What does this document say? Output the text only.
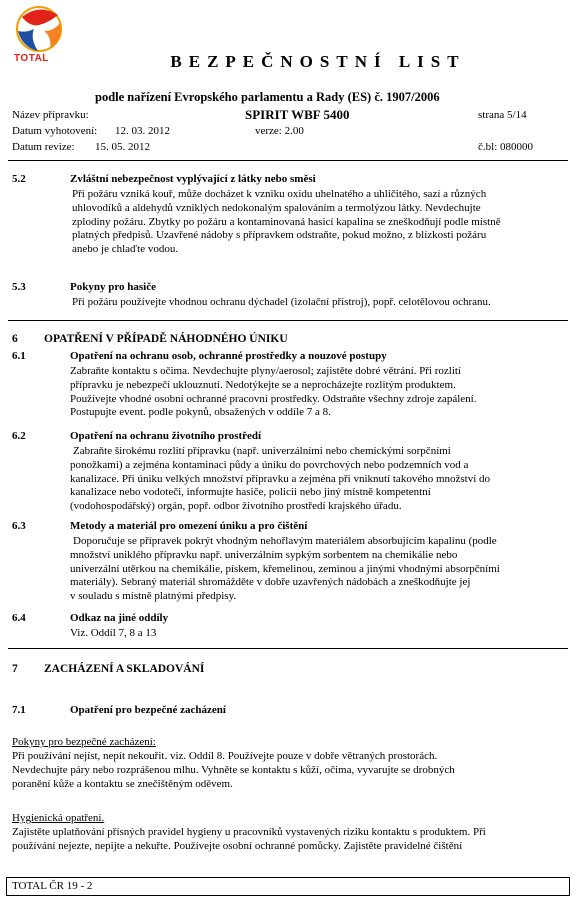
TOTAL	BEZPEČNOSTNÍ LIST
podle nařízení Evropského parlamentu a Rady (ES) č. 1907/2006
Název přípravku:	SPIRIT WBF 5400	strana 5/14
Datum vyhotovení: 12. 03. 2012	verze: 2.00
Datum revize: 15. 05. 2012	č.bl: 080000
5.2	Zvláštní nebezpečnost vyplývající z látky nebo směsi
Při požáru vzniká kouř, může docházet k vzniku oxidu uhelnatého a uhličitého, sazí a různých
uhlovodíků a aldehydů vzniklých nedokonalým spalováním a termolýzou látky. Nevdechujte
zplodiny požáru. Zbytky po požáru a kontaminovaná hasicí kapalina se zneškodňují podle místně
platných předpisů. Uzavřené nádoby s přípravkem odstraňte, pokud možno, z blízkosti požáru
anebo je chlaďte vodou.
5.3	Pokyny pro hasiče
Při požáru používejte vhodnou ochranu dýchadel (izolační přístroj), popř. celotělovou ochranu.
6 OPATŘENÍ V PŘÍPADĚ NÁHODNÉHO ÚNIKU
6.1	Opatření na ochranu osob, ochranné prostředky a nouzové postupy
Zabraňte kontaktu s očima. Nevdechujte plyny/aerosol; zajistěte dobré větrání. Při rozlití
přípravku je nebezpečí uklouznutí. Nedotýkejte se a neprocházejte rozlitým produktem.
Používejte vhodné osobní ochranné pracovní prostředky. Odstraňte všechny zdroje zapálení.
Postupujte event. podle pokynů, obsažených v oddíle 7 a 8.
6.2	Opatření na ochranu životního prostředí
Zabraňte širokému rozlití přípravku (např. univerzálními nebo chemickými sorpčními
ponožkami) a zejména kontaminaci půdy a úniku do povrchových nebo podzemních vod a
kanalizace. Při úniku velkých množství přípravku a zejména při vniknutí takového množství do
kanalizace nebo vodoteči, informujte hasiče, policii nebo jiný místně kompetentní
(vodohospodářský) orgán, popř. odbor životního prostředí krajského úřadu.
6.3	Metody a materiál pro omezení úniku a pro čištění
Doporučuje se přípravek pokrýt vhodným nehořlavým materiálem absorbujícím kapalinu (podle
množství uniklého přípravku např. univerzálním sypkým sorbentem na chemikálie nebo
univerzální utěrkou na chemikálie, pískem, křemelinou, zeminou a jinými vhodnými absorpčními
materiály). Sebraný materiál shromážděte v dobře uzavřených nádobách a zneškodňujte jej
v souladu s místně platnými předpisy.
6.4	Odkaz na jiné oddíly
Viz. Oddíl 7, 8 a 13
7 ZACHÁZENÍ A SKLADOVÁNÍ
7.1	Opatření pro bezpečné zacházení
Pokyny pro bezpečné zacházení:
Při používání nejíst, nepít nekouřit. viz. Oddíl 8. Používejte pouze v dobře větraných prostorách.
Nevdechujte páry nebo rozprášenou mlhu. Vyhněte se kontaktu s kůží, očima, vyvarujte se drobných
poranění kůže a kontaktu se znečištěným oděvem.
Hygienická opatření.
Zajistěte uplatňování přísných pravidel hygieny u pracovníků vystavených riziku kontaktu s produktem. Při
používání nejezte, nepijte a nekuřte. Používejte osobní ochranné pomůcky. Zajistěte pravidelné čištění
TOTAL ČR 19 - 2
